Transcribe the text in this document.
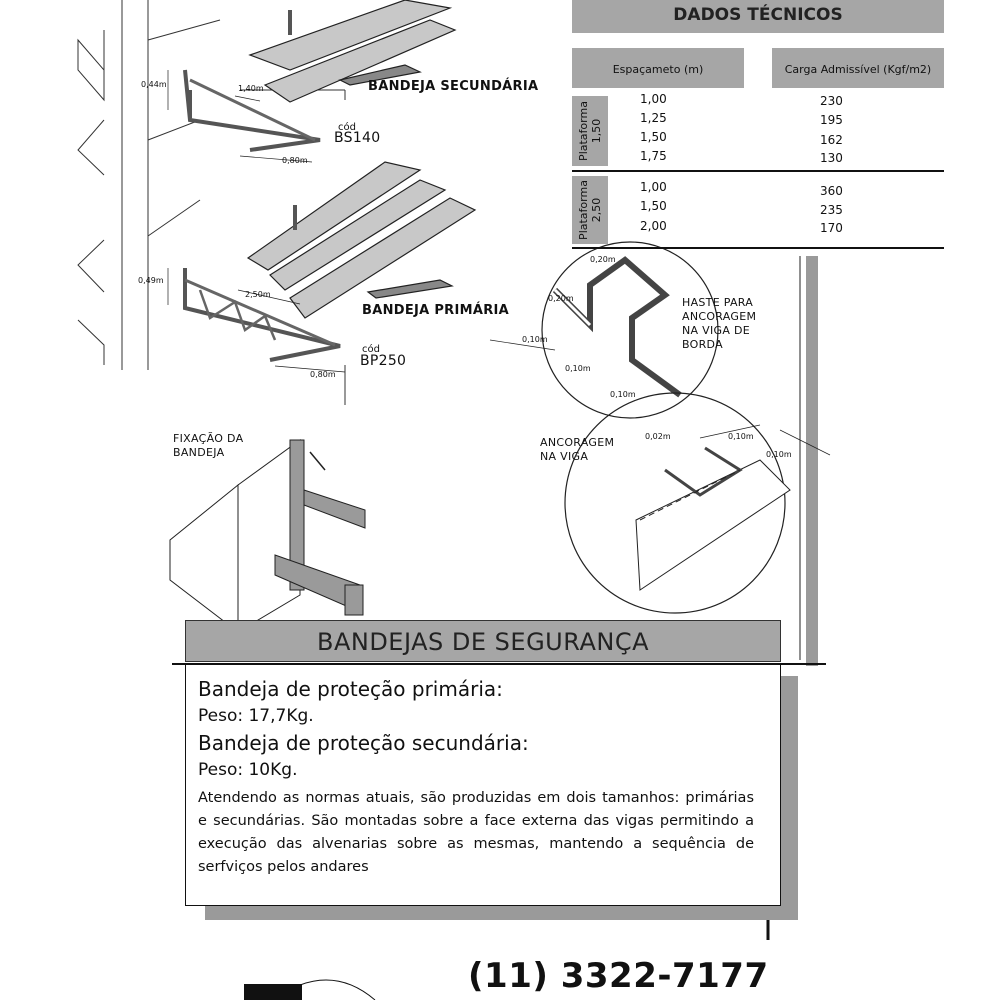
DADOS TÉCNICOS
Espaçameto (m)	Carga Admissível (Kgf/m2)
Plataforma 1,50
1,00	230
1,25	195
1,50	162
1,75	130
Plataforma 2,50
1,00	360
1,50	235
2,00	170
BANDEJA SECUNDÁRIA
cód
BS140
0,44m	1,40m
0,80m
BANDEJA PRIMÁRIA
cód
BP250
0,49m
2,50m
0,80m
FIXAÇÃO DA
BANDEJA
HASTE PARA
ANCORAGEM
NA VIGA DE
BORDA
0,20m
0,20m
0,10m
0,10m
0,10m
ANCORAGEM
NA VIGA
0,02m	0,10m
0,10m
BANDEJAS DE SEGURANÇA
Bandeja de proteção primária:
Peso: 17,7Kg.
Bandeja de proteção secundária:
Peso: 10Kg.
Atendendo as normas atuais, são produzidas em dois tamanhos: primárias e secundárias. São montadas sobre a face externa das vigas permitindo a execução das alvenarias sobre as mesmas, mantendo a sequência de serfviços pelos andares
(11) 3322-7177
